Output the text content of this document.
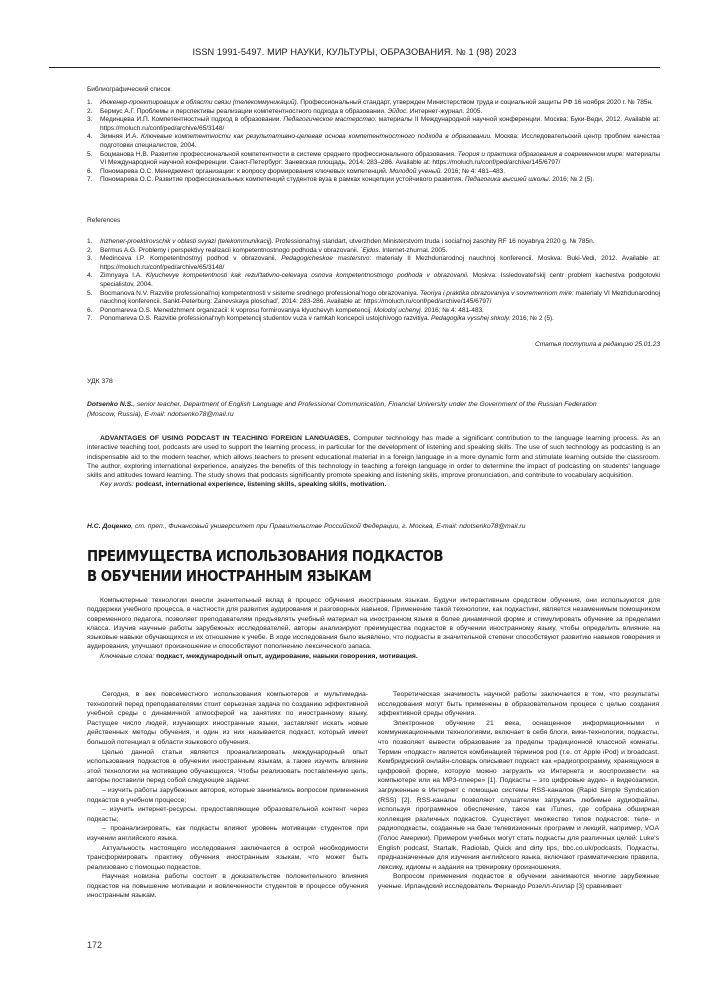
ISSN 1991-5497. МИР НАУКИ, КУЛЬТУРЫ, ОБРАЗОВАНИЯ. № 1 (98) 2023
Библиографический список
1. Инженер-проектировщик в области связи (телекоммуникаций). Профессиональный стандарт, утвержден Министерством труда и социальной защиты РФ 16 ноября 2020 г. № 785н.
2. Бермус А.Г. Проблемы и перспективы реализации компетентностного подхода в образовании. Эйдос. Интернет-журнал. 2005.
3. Мединцева И.П. Компетентностный подход в образовании. Педагогическое мастерство: материалы II Международной научной конференции. Москва: Буки-Веди, 2012. Available at: https://moluch.ru/conf/ped/archive/65/3148/
4. Зимняя И.А. Ключевые компетентности как результативно-целевая основа компетентностного подхода в образовании. Москва: Исследовательский центр проблем качества подготовки специалистов, 2004.
5. Боцманова Н.В. Развитие профессиональной компетентности в системе среднего профессионального образования. Теория и практика образования в современном мире: материалы VI Международной научной конференции. Санкт-Петербург: Заневская площадь, 2014: 283–286. Available at: https://moluch.ru/conf/ped/archive/145/6797/
6. Пономарева О.С. Менеджмент организации: к вопросу формирования ключевых компетенций. Молодой ученый. 2016; № 4: 481–483.
7. Пономарева О.С. Развитие профессиональных компетенций студентов вуза в рамках концепции устойчивого развития. Педагогика высшей школы. 2016; № 2 (5).
References
1. Inzhener-proektirovschik v oblasti svyazi (telekommunikacij). Professional'nyj standart, utverzhden Ministerstvom truda i social'noj zaschity RF 16 noyabrya 2020 g. № 785n.
2. Bermus A.G. Problemy i perspektivy realizacii kompetentnostnogo podhoda v obrazovanii. `Ejdos. Internet-zhurnal. 2005.
3. Medinceva I.P. Kompetentnostnyj podhod v obrazovanii. Pedagogicheskoe masterstvo: materialy II Mezhdunarodnoj nauchnoj konferencii. Moskva: Buki-Vedi, 2012. Available at: https://moluch.ru/conf/ped/archive/65/3148/
4. Zimnyaya I.A. Klyuchevye kompetentnosti kak rezul'tativno-celevaya osnova kompetentnostnogo podhoda v obrazovanii. Moskva: Issledovatel'skij centr problem kachestva podgotovki specialistov, 2004.
5. Bocmanova N.V. Razvitie professional'noj kompetentnosti v sisteme srednego professional'nogo obrazovaniya. Teoriya i praktika obrazovaniya v sovremennom mire: materialy VI Mezhdunarodnoj nauchnoj konferencii. Sankt-Peterburg: Zanevskaya ploschad', 2014: 283-286. Available at: https://moluch.ru/conf/ped/archive/145/6797/
6. Ponomareva O.S. Menedzhment organizacii: k voprosu formirovaniya klyuchevyh kompetencij. Molodoj uchenyj. 2016; № 4: 481-483.
7. Ponomareva O.S. Razvitie professional'nyh kompetencij studentov vuza v ramkah koncepcii ustojchivogo razvitiya. Pedagogika vysshej shkoly. 2016; № 2 (5).
Статья поступила в редакцию 25.01.23
УДК 378
Dotsenko N.S., senior teacher, Department of English Language and Professional Communication, Financial University under the Government of the Russian Federation (Moscow, Russia), E-mail: ndotsenko78@mail.ru
ADVANTAGES OF USING PODCAST IN TEACHING FOREIGN LANGUAGES. Computer technology has made a significant contribution to the language learning process. As an interactive teaching tool, podcasts are used to support the learning process, in particular for the development of listening and speaking skills. The use of such technology as podcasting is an indispensable aid to the modern teacher, which allows teachers to present educational material in a foreign language in a more dynamic form and stimulate learning outside the classroom. The author, exploring international experience, analyzes the benefits of this technology in teaching a foreign language in order to determine the impact of podcasting on students' language skills and attitudes toward learning. The study shows that podcasts significantly promote speaking and listening skills, improve pronunciation, and contribute to vocabulary acquisition.
Key words: podcast, international experience, listening skills, speaking skills, motivation.
Н.С. Доценко, ст. преп., Финансовый университет при Правительстве Российской Федерации, г. Москва, E-mail: ndotsenko78@mail.ru
ПРЕИМУЩЕСТВА ИСПОЛЬЗОВАНИЯ ПОДКАСТОВ
В ОБУЧЕНИИ ИНОСТРАННЫМ ЯЗЫКАМ
Компьютерные технологии внесли значительный вклад в процесс обучения иностранным языкам. Будучи интерактивным средством обучения, они используются для поддержки учебного процесса, в частности для развития аудирования и разговорных навыков. Применение такой технологии, как подкастинг, является незаменимым помощником современного педагога, позволяет преподавателям предъявлять учебный материал на иностранном языке в более динамичной форме и стимулировать обучение за пределами класса. Изучив научные работы зарубежных исследователей, авторы анализируют преимущества подкастов в обучении иностранному языку, чтобы определить влияние на языковые навыки обучающихся и их отношение к учебе. В ходе исследования было выявлено, что подкасты в значительной степени способствуют развитию навыков говорения и аудирования, улучшают произношение и способствуют пополнению лексического запаса.
Ключевые слова: подкаст, международный опыт, аудирование, навыки говорения, мотивация.

Сегодня, в век повсеместного использования компьютеров и мультимедиа-технологий перед преподавателями стоит серьезная задача по созданию эффективной учебной среды с динамичной атмосферой на занятиях по иностранному языку. Растущее число людей, изучающих иностранные языки, заставляет искать новые действенных методы обучения, и один из них называется подкаст, который имеет большой потенциал в области языкового обучения.

Целью данной статьи является проанализировать международный опыт использования подкастов в обучении иностранным языкам, а также изучить влияние этой технологии на мотивацию обучающихся. Чтобы реализовать поставленную цель, авторы поставили перед собой следующие задачи:

– изучить работы зарубежных авторов, которые занимались вопросом применения подкастов в учебном процессе;

– изучить интернет-ресурсы, предоставляющие образовательной контент через подкасты;

– проанализировать, как подкасты влияют уровень мотивации студентов при изучении английского языка.

Актуальность настоящего исследования заключается в острой необходимости трансформировать практику обучения иностранным языкам, что может быть реализовано с помощью подкастов.

Научная новизна работы состоит в доказательстве положительного влияния подкастов на повышение мотивации и вовлеченности студентов в процессе обучения иностранным языкам.

Теоретическая значимость научной работы заключается в том, что результаты исследования могут быть применены в образовательном процесе с целью создания эффективной среды обучения.

Электронное обучение 21 века, оснащенное информационными и коммуникационными технологиями, включает в себя блоги, вики-технологии, подкасты, что позволяет вывести образование за пределы традиционной классной комнаты. Термин «подкаст» является комбинацией терминов pod (т.е. от Apple iPod) и broadcast. Кембриджский онлайн-словарь описывает подкаст как «радиопрограмму, хранящуюся в цифровой форме, которую можно загрузить из Интернета и воспроизвести на компьютере или на MP3-плеере» [1]. Подкасты – это цифровые аудио- и видеозаписи, загруженные в Интернет с помощью системы RSS-каналов (Rapid Simple Syndication (RSS) [2]. RSS-каналы позволяют слушателям загружать любимые аудиофайлы, используя программное обеспечение, такое как iTunes, где собрана обширная коллекция различных подкастов. Существует множество типов подкастов: теле- и радиоподкасты, созданные на базе телевизионных программ и лекций, например, VOA (Голос Америки). Примером учебных могут стать подкасты для различных целей: Luke's English podcast, Startalk, Radiolab, Quick and dirty tips, bbc.co.uk/podcasts. Подкасты, предназначенные для изучения английского языка, включают грамматические правила, лексику, идиомы и задания на тренировку произношения.

Вопросом применения подкастов в обучении занимаются многие зарубежные ученые. Ирландский исследователь Фернандо Розелл-Агилар [3] сравнивает

172
